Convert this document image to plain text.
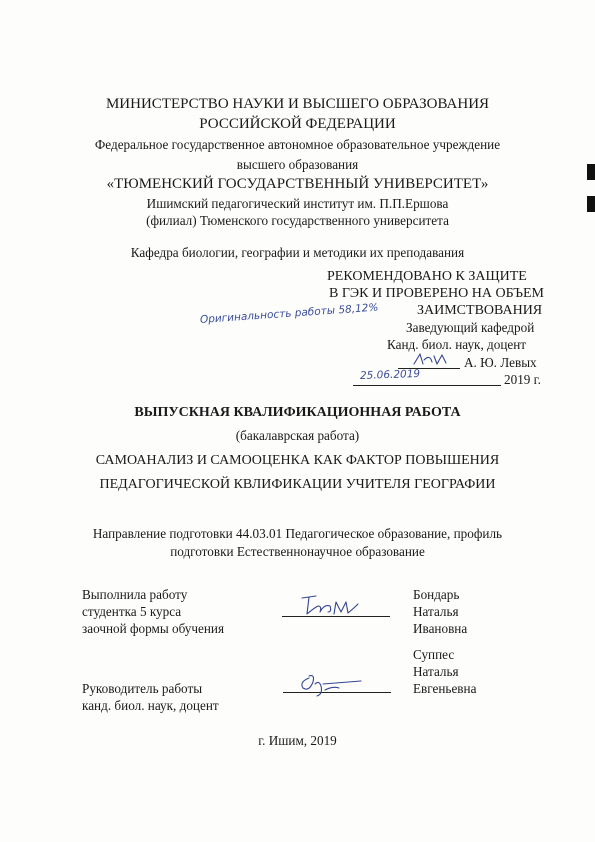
МИНИСТЕРСТВО НАУКИ И ВЫСШЕГО ОБРАЗОВАНИЯ
РОССИЙСКОЙ ФЕДЕРАЦИИ
Федеральное государственное автономное образовательное учреждение
высшего образования
«ТЮМЕНСКИЙ ГОСУДАРСТВЕННЫЙ УНИВЕРСИТЕТ»
Ишимский педагогический институт им. П.П.Ершова
(филиал) Тюменского государственного университета
Кафедра биологии, географии и методики их преподавания
РЕКОМЕНДОВАНО К ЗАЩИТЕ
В ГЭК И ПРОВЕРЕНО НА ОБЪЕМ
ЗАИМСТВОВАНИЯ
Оригинальность работы 58,12%
Заведующий кафедрой
Канд. биол. наук, доцент
А. Ю. Левых
25.06.2019	2019 г.
ВЫПУСКНАЯ КВАЛИФИКАЦИОННАЯ РАБОТА
(бакалаврская работа)
САМОАНАЛИЗ И САМООЦЕНКА КАК ФАКТОР ПОВЫШЕНИЯ
ПЕДАГОГИЧЕСКОЙ КВЛИФИКАЦИИ УЧИТЕЛЯ ГЕОГРАФИИ
Направление подготовки 44.03.01 Педагогическое образование, профиль
подготовки Естественнонаучное образование
Выполнила работу
студентка 5 курса
заочной формы обучения
Бондарь
Наталья
Ивановна
Руководитель работы
канд. биол. наук, доцент
Суппес
Наталья
Евгеньевна
г. Ишим, 2019
